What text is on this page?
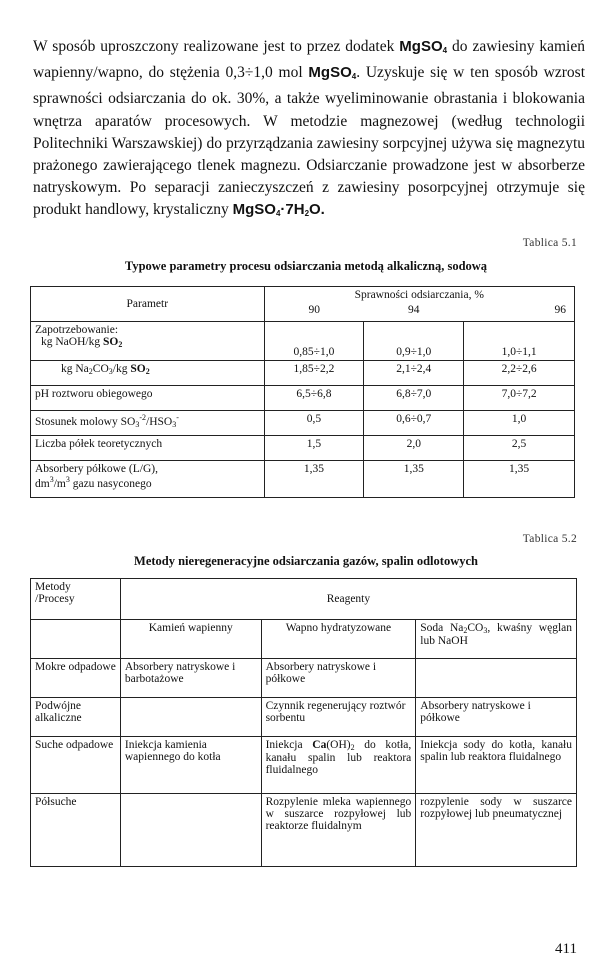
W sposób uproszczony realizowane jest to przez dodatek MgSO$_4$ do zawiesiny kamień wapienny/wapno, do stężenia 0,3÷1,0 mol MgSO$_4$. Uzyskuje się w ten sposób wzrost sprawności odsiarczania do ok. 30%, a także wyeliminowanie obrastania i blokowania wnętrza aparatów procesowych. W metodzie magnezowej (według technologii Politechniki Warszawskiej) do przyrządzania zawiesiny sorpcyjnej używa się magnezytu prażonego zawierającego tlenek magnezu. Odsiarczanie prowadzone jest w absorberze natryskowym. Po separacji zanieczyszczeń z zawiesiny posorpcyjnej otrzymuje się produkt handlowy, krystaliczny $MgSO_4\cdot 7H_2O$.

Tablica 5.1
Typowe parametry procesu odsiarczania metodą alkaliczną, sodową
Parametr	Sprawności odsiarczania, %		
	90	94	96

Zapotrzebowanie:
kg NaOH/kg $SO_2$	0,85÷1,0	0,9÷1,0	1,0÷1,1
kg $Na_2CO_3/kg$ $SO_2$	1,85÷2,2	2,1÷2,4	2,2÷2,6
pH roztworu obiegowego	6,5÷6,8	6,8÷7,0	7,0÷7,2
Stosunek molowy $SO_3^{-2}/HSO_3^-$	0,5	0,6÷0,7	1,0
Liczba półek teoretycznych	1,5	2,0	2,5

Absorbery półkowe (L/G),
$dm^3/m^3$ gazu nasyconego	1,35	1,35	1,35
Tablica 5.2
Metody nieregeneracyjne odsiarczania gazów, spalin odlotowych
Metody
/Procesy	Reagenty		
	Kamień wapienny	Wapno hydratyzowane	Soda $Na_2CO_3$, kwaśny węglan lub NaOH
Mokre odpadowe	Absorbery natryskowe i barbotażowe	Absorbery natryskowe i półkowe	
Podwójne alkaliczne		Czynnik regenerujący roztwór sorbentu	Absorbery natryskowe i półkowe
Suche odpadowe	Iniekcja kamienia wapiennego do kotła	Iniekcja $Ca(OH)_2$ do kotła, kanału spalin lub reaktora fluidalnego	Iniekcja sody do kotła, kanału spalin lub reaktora fluidalnego
Półsuche		Rozpylenie mleka wapiennego w suszarce rozpyłowej lub reaktorze fluidalnym	rozpylenie sody w suszarce rozpyłowej lub pneumatycznej
411
